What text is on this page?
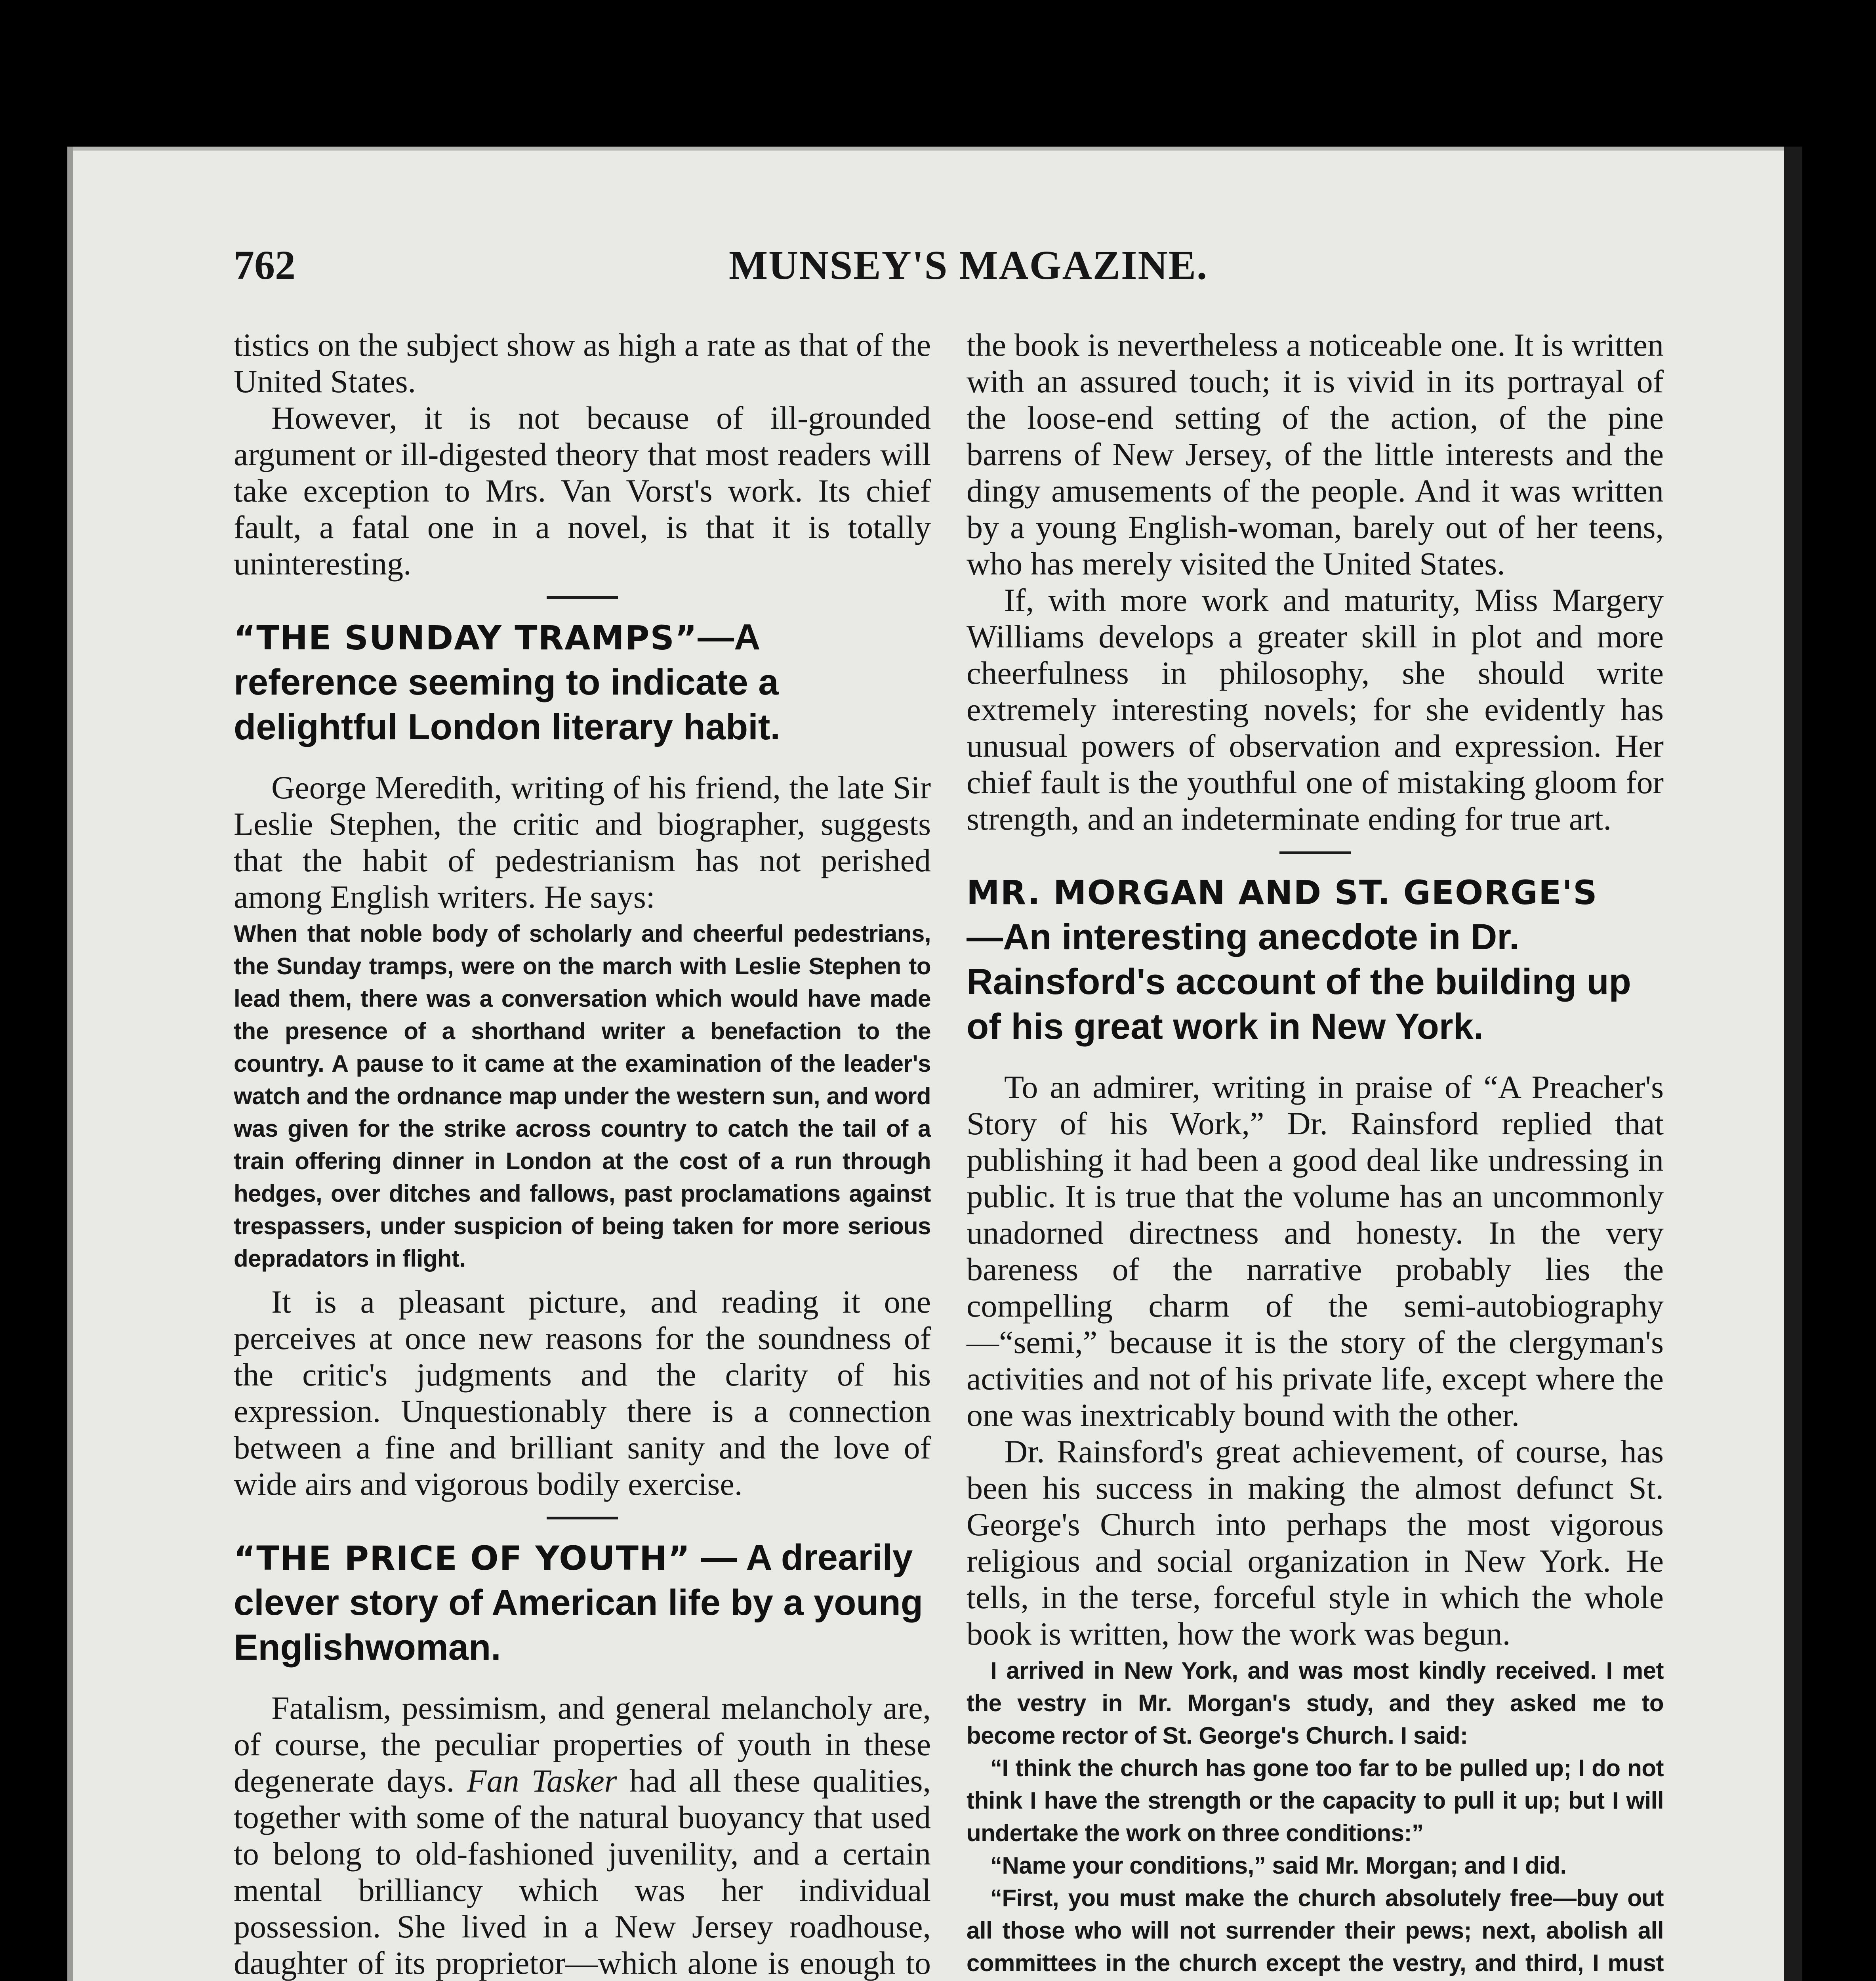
762	MUNSEY'S MAGAZINE.

tistics on the subject show as high a rate as that of the United States.

However, it is not because of ill-grounded argument or ill-digested theory that most readers will take exception to Mrs. Van Vorst's work. Its chief fault, a fatal one in a novel, is that it is totally uninteresting.

“THE SUNDAY TRAMPS”—A reference seeming to indicate a delightful London literary habit.

George Meredith, writing of his friend, the late Sir Leslie Stephen, the critic and biographer, suggests that the habit of pedestrianism has not perished among English writers. He says:

When that noble body of scholarly and cheerful pedestrians, the Sunday tramps, were on the march with Leslie Stephen to lead them, there was a conversation which would have made the presence of a shorthand writer a benefaction to the country. A pause to it came at the examination of the leader's watch and the ordnance map under the western sun, and word was given for the strike across country to catch the tail of a train offering dinner in London at the cost of a run through hedges, over ditches and fallows, past proclamations against trespassers, under suspicion of being taken for more serious depradators in flight.

It is a pleasant picture, and reading it one perceives at once new reasons for the soundness of the critic's judgments and the clarity of his expression. Unquestionably there is a connection between a fine and brilliant sanity and the love of wide airs and vigorous bodily exercise.

“THE PRICE OF YOUTH” — A drearily clever story of American life by a young Englishwoman.

Fatalism, pessimism, and general melancholy are, of course, the peculiar properties of youth in these degenerate days. Fan Tasker had all these qualities, together with some of the natural buoyancy that used to belong to old-fashioned juvenility, and a certain mental brilliancy which was her individual possession. She lived in a New Jersey roadhouse, daughter of its proprietor—which alone is enough to

the book is nevertheless a noticeable one. It is written with an assured touch; it is vivid in its portrayal of the loose-end setting of the action, of the pine barrens of New Jersey, of the little interests and the dingy amusements of the people. And it was written by a young English-woman, barely out of her teens, who has merely visited the United States.

If, with more work and maturity, Miss Margery Williams develops a greater skill in plot and more cheerfulness in philosophy, she should write extremely interesting novels; for she evidently has unusual powers of observation and expression. Her chief fault is the youthful one of mistaking gloom for strength, and an indeterminate ending for true art.

MR. MORGAN AND ST. GEORGE'S
—An interesting anecdote in Dr. Rainsford's account of the building up of his great work in New York.

To an admirer, writing in praise of “A Preacher's Story of his Work,” Dr. Rainsford replied that publishing it had been a good deal like undressing in public. It is true that the volume has an uncommonly unadorned directness and honesty. In the very bareness of the narrative probably lies the compelling charm of the semi-autobiography—“semi,” because it is the story of the clergyman's activities and not of his private life, except where the one was inextricably bound with the other.

Dr. Rainsford's great achievement, of course, has been his success in making the almost defunct St. George's Church into perhaps the most vigorous religious and social organization in New York. He tells, in the terse, forceful style in which the whole book is written, how the work was begun.

I arrived in New York, and was most kindly received. I met the vestry in Mr. Morgan's study, and they asked me to become rector of St. George's Church. I said:

“I think the church has gone too far to be pulled up; I do not think I have the strength or the capacity to pull it up; but I will undertake the work on three conditions:”

“Name your conditions,” said Mr. Morgan; and I did.

“First, you must make the church absolutely free—buy out all those who will not surrender their pews; next, abolish all committees in the church except the vestry, and third, I must
